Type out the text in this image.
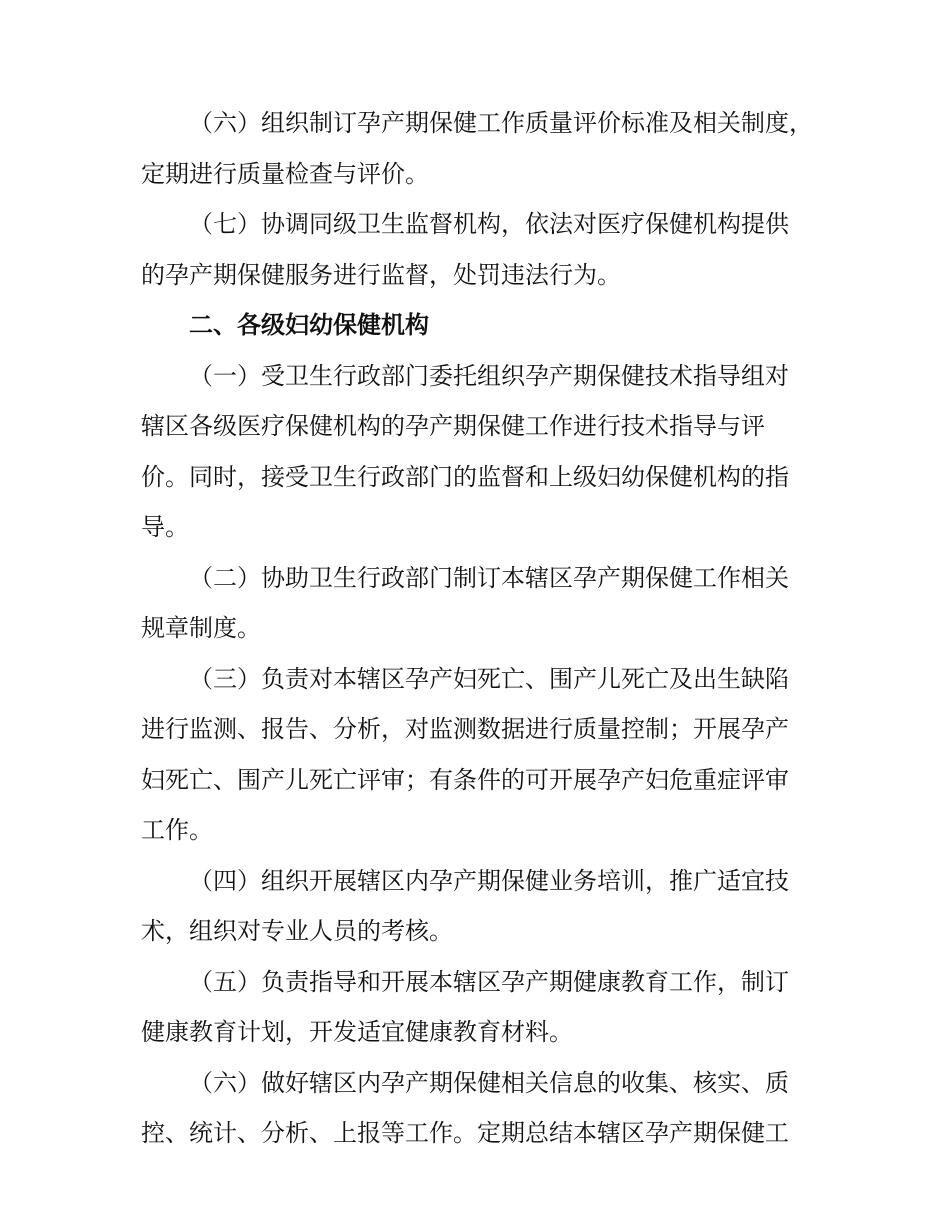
（六）组织制订孕产期保健工作质量评价标准及相关制度，
定期进行质量检查与评价。

（七）协调同级卫生监督机构，依法对医疗保健机构提供
的孕产期保健服务进行监督，处罚违法行为。

二、各级妇幼保健机构

（一）受卫生行政部门委托组织孕产期保健技术指导组对
辖区各级医疗保健机构的孕产期保健工作进行技术指导与评
价。同时，接受卫生行政部门的监督和上级妇幼保健机构的指
导。

（二）协助卫生行政部门制订本辖区孕产期保健工作相关
规章制度。

（三）负责对本辖区孕产妇死亡、围产儿死亡及出生缺陷
进行监测、报告、分析，对监测数据进行质量控制；开展孕产
妇死亡、围产儿死亡评审；有条件的可开展孕产妇危重症评审
工作。

（四）组织开展辖区内孕产期保健业务培训，推广适宜技
术，组织对专业人员的考核。

（五）负责指导和开展本辖区孕产期健康教育工作，制订
健康教育计划，开发适宜健康教育材料。

（六）做好辖区内孕产期保健相关信息的收集、核实、质
控、统计、分析、上报等工作。定期总结本辖区孕产期保健工
